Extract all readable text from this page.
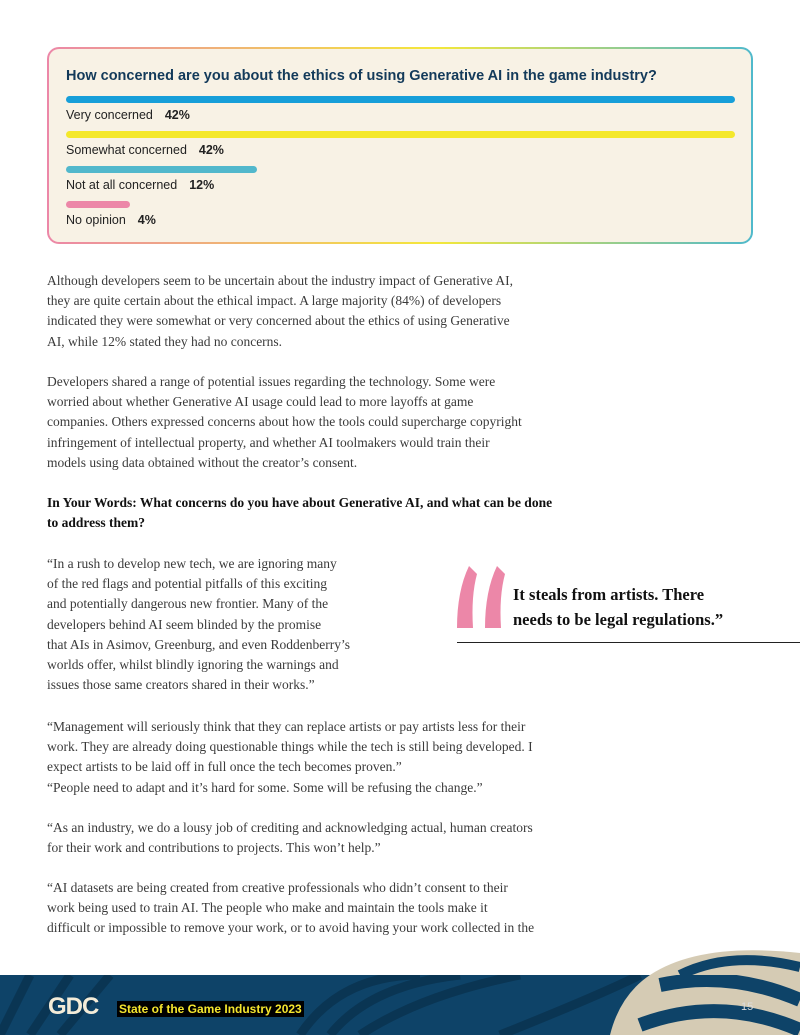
How concerned are you about the ethics of using Generative AI in the game industry?
Very concerned 42%
Somewhat concerned 42%
Not at all concerned 12%
No opinion 4%
Although developers seem to be uncertain about the industry impact of Generative AI,
they are quite certain about the ethical impact. A large majority (84%) of developers
indicated they were somewhat or very concerned about the ethics of using Generative
AI, while 12% stated they had no concerns.
Developers shared a range of potential issues regarding the technology. Some were
worried about whether Generative AI usage could lead to more layoffs at game
companies. Others expressed concerns about how the tools could supercharge copyright
infringement of intellectual property, and whether AI toolmakers would train their
models using data obtained without the creator’s consent.
In Your Words: What concerns do you have about Generative AI, and what can be done
to address them?
“In a rush to develop new tech, we are ignoring many
of the red flags and potential pitfalls of this exciting
and potentially dangerous new frontier. Many of the
developers behind AI seem blinded by the promise
that AIs in Asimov, Greenburg, and even Roddenberry’s
worlds offer, whilst blindly ignoring the warnings and
issues those same creators shared in their works.”
It steals from artists. There
needs to be legal regulations.”
“Management will seriously think that they can replace artists or pay artists less for their
work. They are already doing questionable things while the tech is still being developed. I
expect artists to be laid off in full once the tech becomes proven.”
“People need to adapt and it’s hard for some. Some will be refusing the change.”
“As an industry, we do a lousy job of crediting and acknowledging actual, human creators
for their work and contributions to projects. This won’t help.”
“AI datasets are being created from creative professionals who didn’t consent to their
work being used to train AI. The people who make and maintain the tools make it
difficult or impossible to remove your work, or to avoid having your work collected in the
GDC State of the Game Industry 2023	15
